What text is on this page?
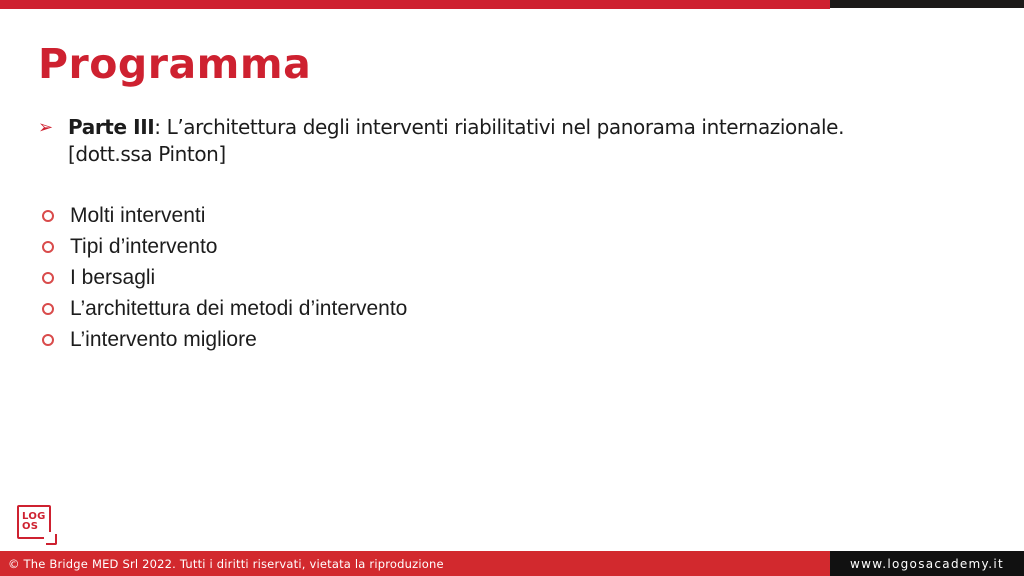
Programma
➢ Parte III: L’architettura degli interventi riabilitativi nel panorama internazionale.
[dott.ssa Pinton]
Molti interventi
Tipi d’intervento
I bersagli
L’architettura dei metodi d’intervento
L’intervento migliore
LOG
OS
© The Bridge MED Srl 2022. Tutti i diritti riservati, vietata la riproduzione	www.logosacademy.it
